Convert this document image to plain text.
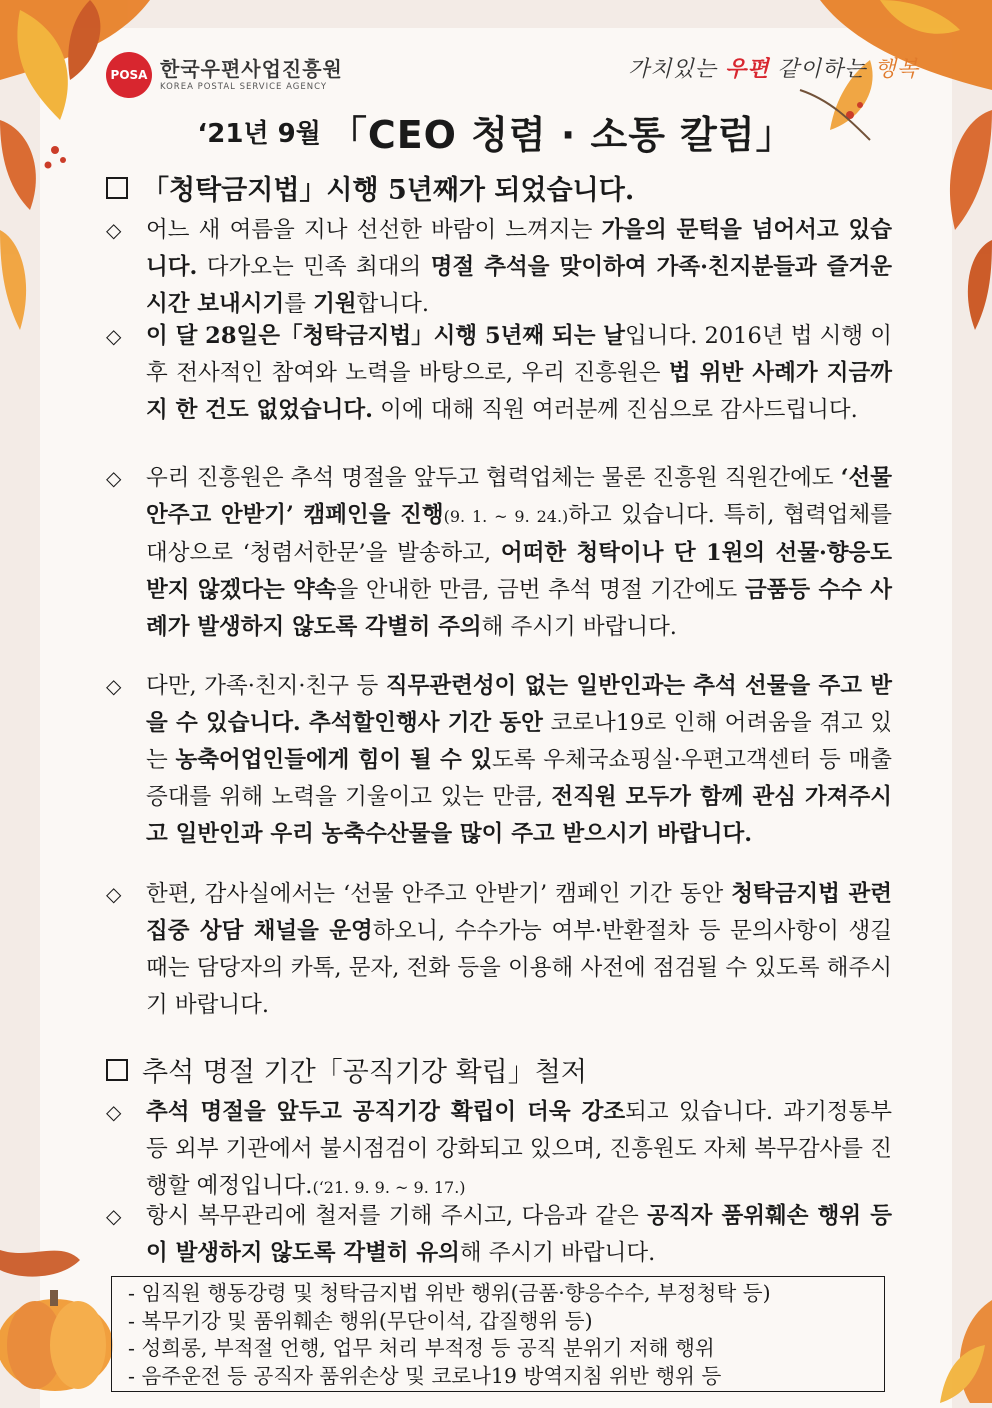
POSA 한국우편사업진흥원
KOREA POSTAL SERVICE AGENCY
가치있는 우편 같이하는 행복
‘21년 9월 「CEO 청렴 · 소통 칼럼」
「청탁금지법」시행 5년째가 되었습니다.
◇	어느 새 여름을 지나 선선한 바람이 느껴지는 가을의 문턱을 넘어서고 있습니다. 다가오는 민족 최대의 명절 추석을 맞이하여 가족·친지분들과 즐거운 시간 보내시기를 기원합니다.
◇	이 달 28일은「청탁금지법」시행 5년째 되는 날입니다. 2016년 법 시행 이후 전사적인 참여와 노력을 바탕으로, 우리 진흥원은 법 위반 사례가 지금까지 한 건도 없었습니다. 이에 대해 직원 여러분께 진심으로 감사드립니다.
◇	우리 진흥원은 추석 명절을 앞두고 협력업체는 물론 진흥원 직원간에도 ‘선물 안주고 안받기’ 캠페인을 진행(9. 1. ~ 9. 24.)하고 있습니다. 특히, 협력업체를 대상으로 ‘청렴서한문’을 발송하고, 어떠한 청탁이나 단 1원의 선물·향응도 받지 않겠다는 약속을 안내한 만큼, 금번 추석 명절 기간에도 금품등 수수 사례가 발생하지 않도록 각별히 주의해 주시기 바랍니다.
◇	다만, 가족·친지·친구 등 직무관련성이 없는 일반인과는 추석 선물을 주고 받을 수 있습니다. 추석할인행사 기간 동안 코로나19로 인해 어려움을 겪고 있는 농축어업인들에게 힘이 될 수 있도록 우체국쇼핑실·우편고객센터 등 매출증대를 위해 노력을 기울이고 있는 만큼, 전직원 모두가 함께 관심 가져주시고 일반인과 우리 농축수산물을 많이 주고 받으시기 바랍니다.
◇	한편, 감사실에서는 ‘선물 안주고 안받기’ 캠페인 기간 동안 청탁금지법 관련 집중 상담 채널을 운영하오니, 수수가능 여부·반환절차 등 문의사항이 생길 때는 담당자의 카톡, 문자, 전화 등을 이용해 사전에 점검될 수 있도록 해주시기 바랍니다.
추석 명절 기간「공직기강 확립」철저
◇	추석 명절을 앞두고 공직기강 확립이 더욱 강조되고 있습니다. 과기정통부 등 외부 기관에서 불시점검이 강화되고 있으며, 진흥원도 자체 복무감사를 진행할 예정입니다.(‘21. 9. 9. ~ 9. 17.)
◇	항시 복무관리에 철저를 기해 주시고, 다음과 같은 공직자 품위훼손 행위 등이 발생하지 않도록 각별히 유의해 주시기 바랍니다.
- 임직원 행동강령 및 청탁금지법 위반 행위(금품·향응수수, 부정청탁 등)
- 복무기강 및 품위훼손 행위(무단이석, 갑질행위 등)
- 성희롱, 부적절 언행, 업무 처리 부적정 등 공직 분위기 저해 행위
- 음주운전 등 공직자 품위손상 및 코로나19 방역지침 위반 행위 등
